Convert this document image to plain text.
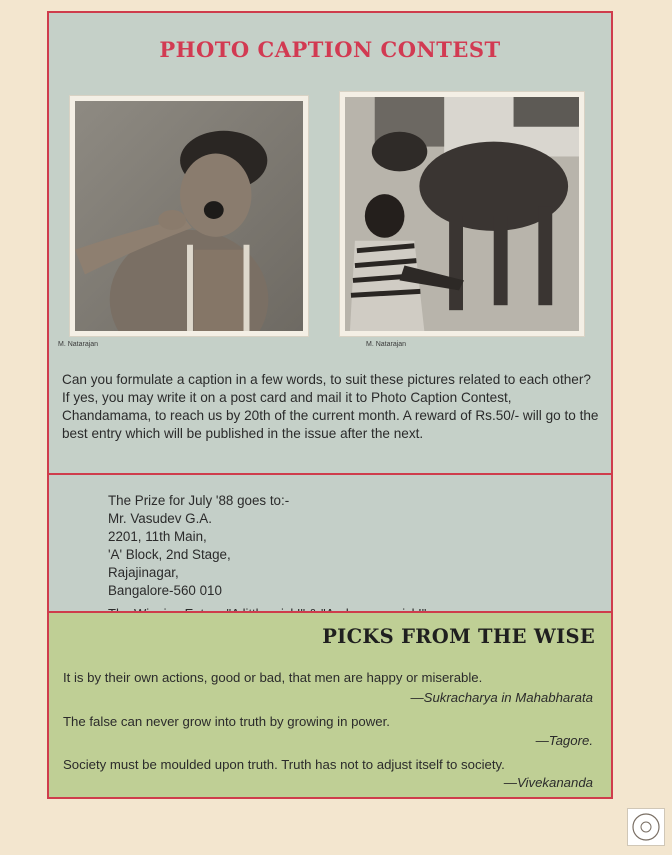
PHOTO CAPTION CONTEST
M. Natarajan	M. Natarajan
Can you formulate a caption in a few words, to suit these pictures related to each other? If yes, you may write it on a post card and mail it to Photo Caption Contest, Chandamama, to reach us by 20th of the current month. A reward of Rs.50/- will go to the best entry which will be published in the issue after the next.
The Prize for July '88 goes to:-
Mr. Vasudev G.A.
2201, 11th Main,
'A' Block, 2nd Stage,
Rajajinagar,
Bangalore-560 010
PICKS FROM THE WISE
It is by their own actions, good or bad, that men are happy or miserable.
—Sukracharya in Mahabharata
The false can never grow into truth by growing in power.
—Tagore.
Society must be moulded upon truth. Truth has not to adjust itself to society.
—Vivekananda
